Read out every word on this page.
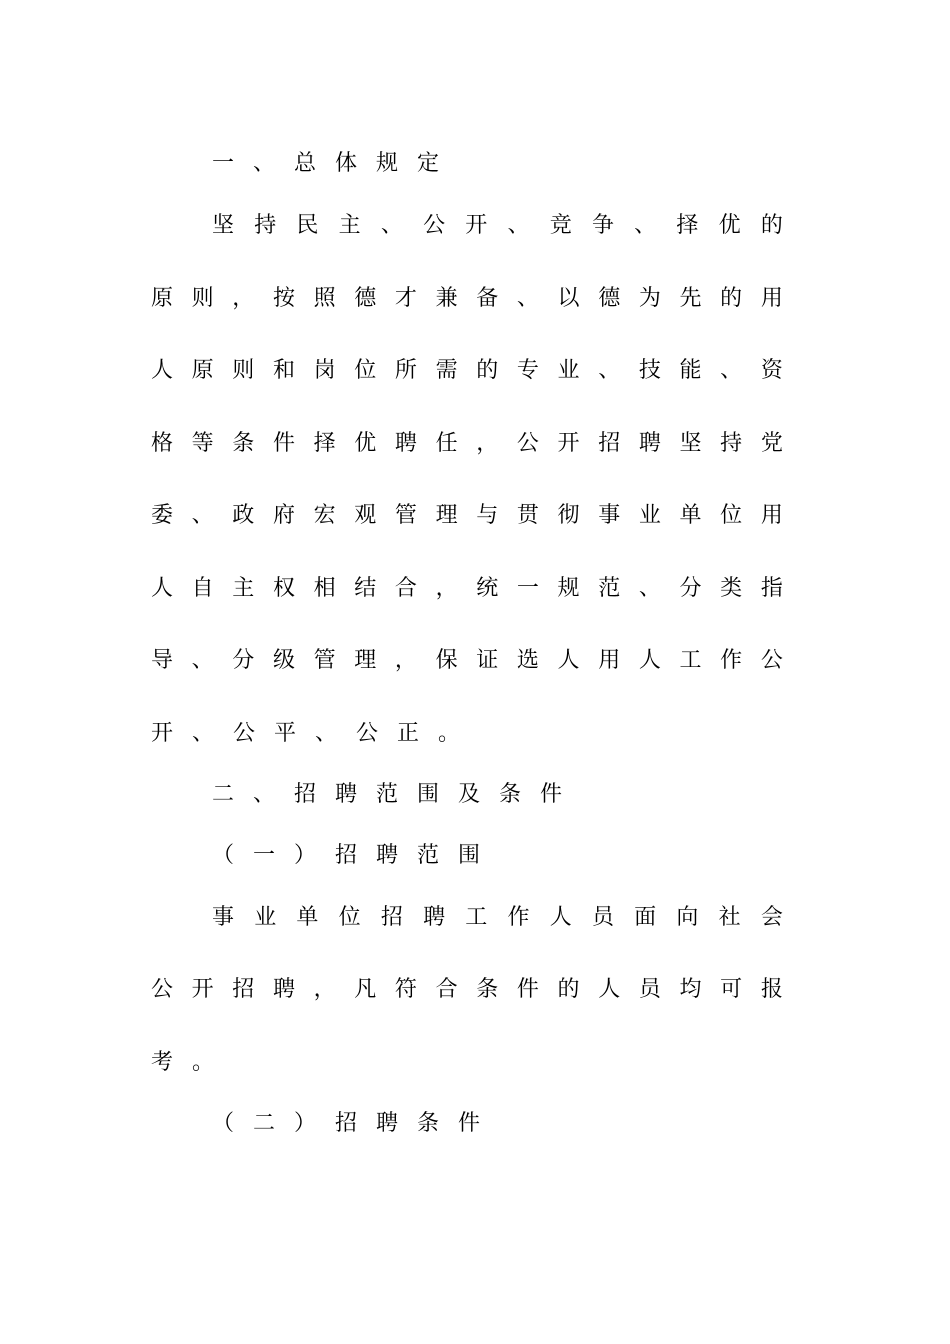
一 、 总 体 规 定
坚 持 民 主 、 公 开 、 竞 争 、 择 优 的
原 则 ， 按 照 德 才 兼 备 、 以 德 为 先 的 用
人 原 则 和 岗 位 所 需 的 专 业 、 技 能 、 资
格 等 条 件 择 优 聘 任 ， 公 开 招 聘 坚 持 党
委 、 政 府 宏 观 管 理 与 贯 彻 事 业 单 位 用
人 自 主 权 相 结 合 ， 统 一 规 范 、 分 类 指
导 、 分 级 管 理 ， 保 证 选 人 用 人 工 作 公
开 、 公 平 、 公 正 。
二 、 招 聘 范 围 及 条 件
（ 一 ） 招 聘 范 围
事 业 单 位 招 聘 工 作 人 员 面 向 社 会
公 开 招 聘 ， 凡 符 合 条 件 的 人 员 均 可 报
考 。
（ 二 ） 招 聘 条 件
